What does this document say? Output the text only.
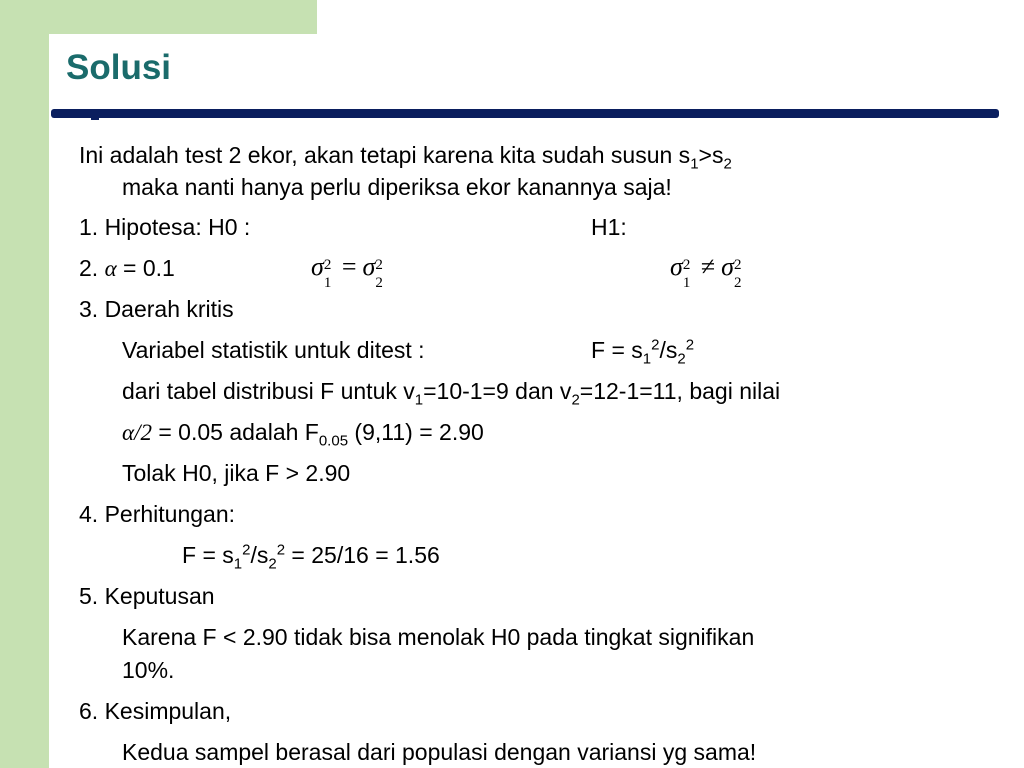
Solusi
Ini adalah test 2 ekor, akan tetapi karena kita sudah susun $s_1>s_2$
maka nanti hanya perlu diperiksa ekor kanannya saja!
1. Hipotesa: H0 :	H1:
σ 2
1
= σ 2
2
σ 2
1
≠ σ 2
2
2. α = 0.1
3. Daerah kritis
Variabel statistik untuk ditest :	$F = s_1^2/s_2^2$
dari tabel distribusi F untuk $v_1=10-1=9$ dan $v_2=12-1=11$, bagi nilai
α/2 = 0.05 adalah $F_{0.05}$ (9,11) = 2.90
Tolak H0, jika F > 2.90
4. Perhitungan:
$F = s_1^2/s_2^2 = 25/16 = 1.56$
5. Keputusan
Karena F < 2.90 tidak bisa menolak H0 pada tingkat signifikan
10%.
6. Kesimpulan,
Kedua sampel berasal dari populasi dengan variansi yg sama!
